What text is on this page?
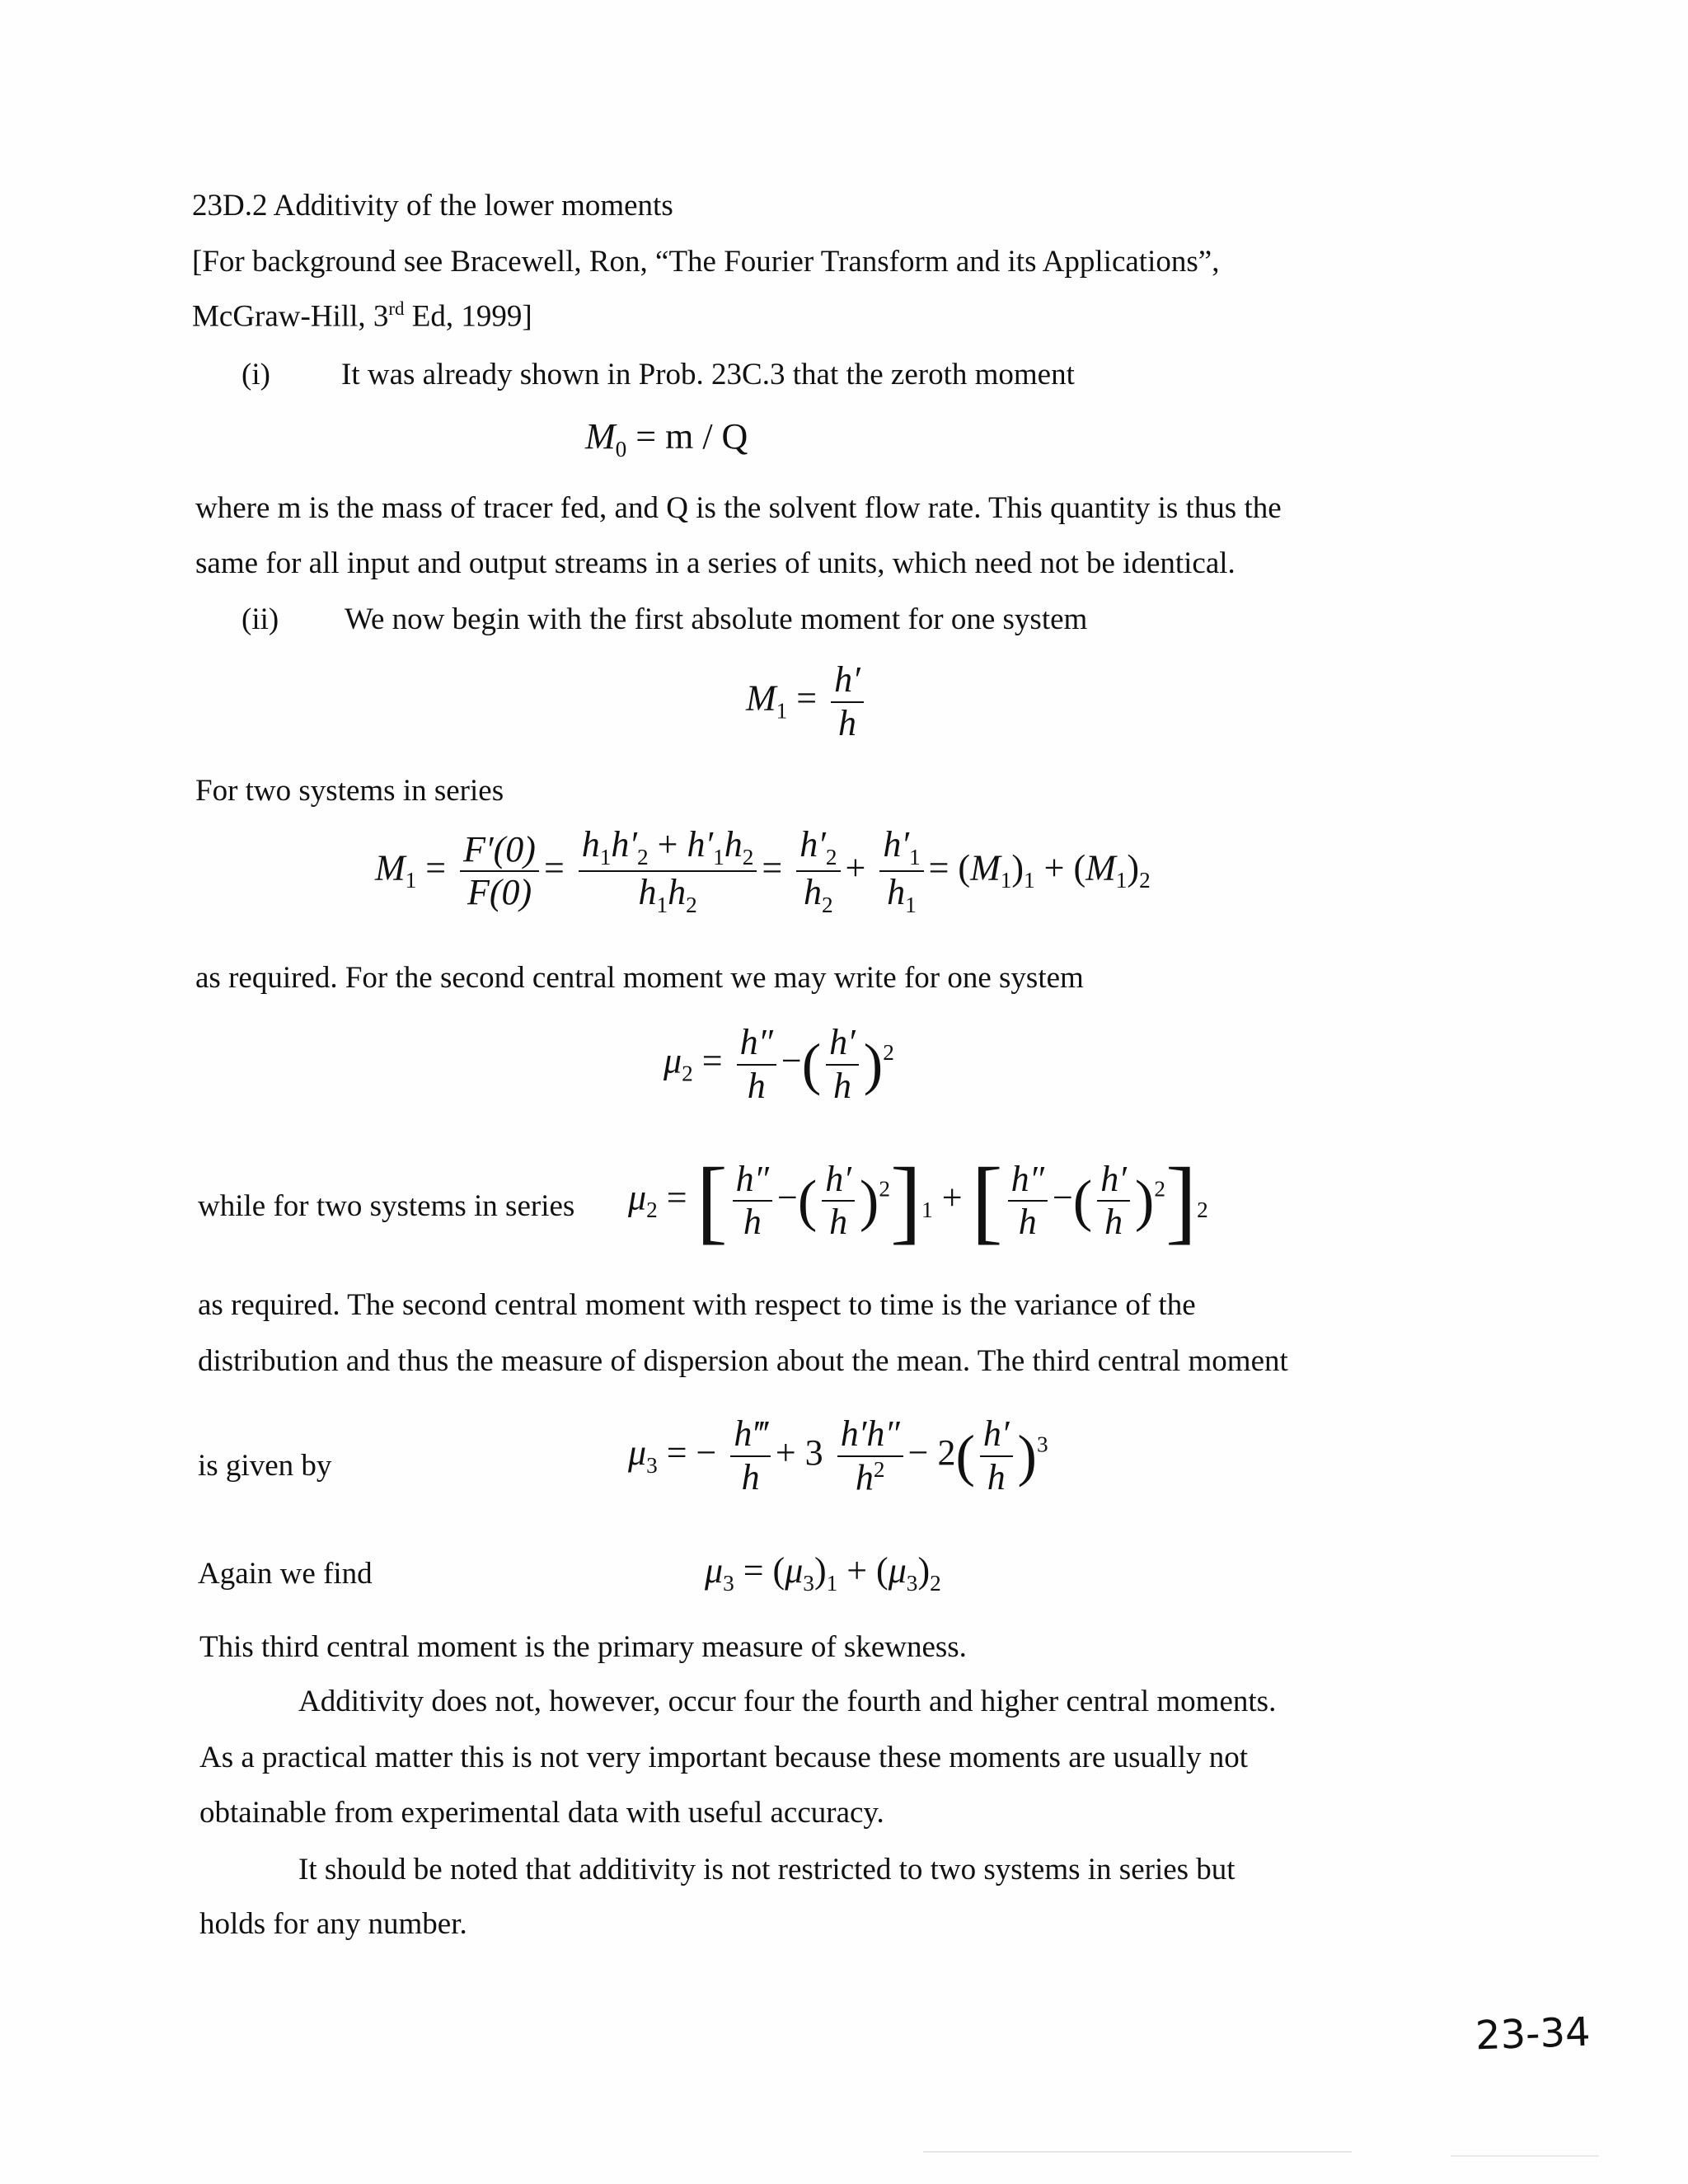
23D.2 Additivity of the lower moments
[For background see Bracewell, Ron, “The Fourier Transform and its Applications”,
McGraw-Hill, 3rd Ed, 1999]
(i) It was already shown in Prob. 23C.3 that the zeroth moment
$M_0 = m / Q$
where m is the mass of tracer fed, and Q is the solvent flow rate. This quantity is thus the
same for all input and output streams in a series of units, which need not be identical.
(ii) We now begin with the first absolute moment for one system
$M_1 = \frac{h'}{h}$
For two systems in series
$M_1 = \frac{F'(0)}{F(0)} = \frac{h_1h'_2 + h'_1h_2}{h_1h_2} = \frac{h'_2}{h_2} + \frac{h'_1}{h_1} = (M_1)_1 + (M_1)_2$
as required. For the second central moment we may write for one system
$\mu_2 = \frac{h''}{h}$ −( $\frac{h'}{h} )^2$
while for two systems in series $\mu_2$ = [ $\frac{h''}{h}$ −( $\frac{h'}{h} )^2]_1$ + [ $\frac{h''}{h}$ −( $\frac{h'}{h} )^2]_2$
as required. The second central moment with respect to time is the variance of the
distribution and thus the measure of dispersion about the mean. The third central moment
is given by	$\mu_3$ = − $\frac{h‴}{h} + 3 \frac{h'h''}{h^2} - 2( \frac{h'}{h} )^3$
Again we find	$\mu_3 = (\mu_3)_1 + (\mu_3)_2$
This third central moment is the primary measure of skewness.
Additivity does not, however, occur four the fourth and higher central moments.
As a practical matter this is not very important because these moments are usually not
obtainable from experimental data with useful accuracy.
It should be noted that additivity is not restricted to two systems in series but
holds for any number.
23-34
